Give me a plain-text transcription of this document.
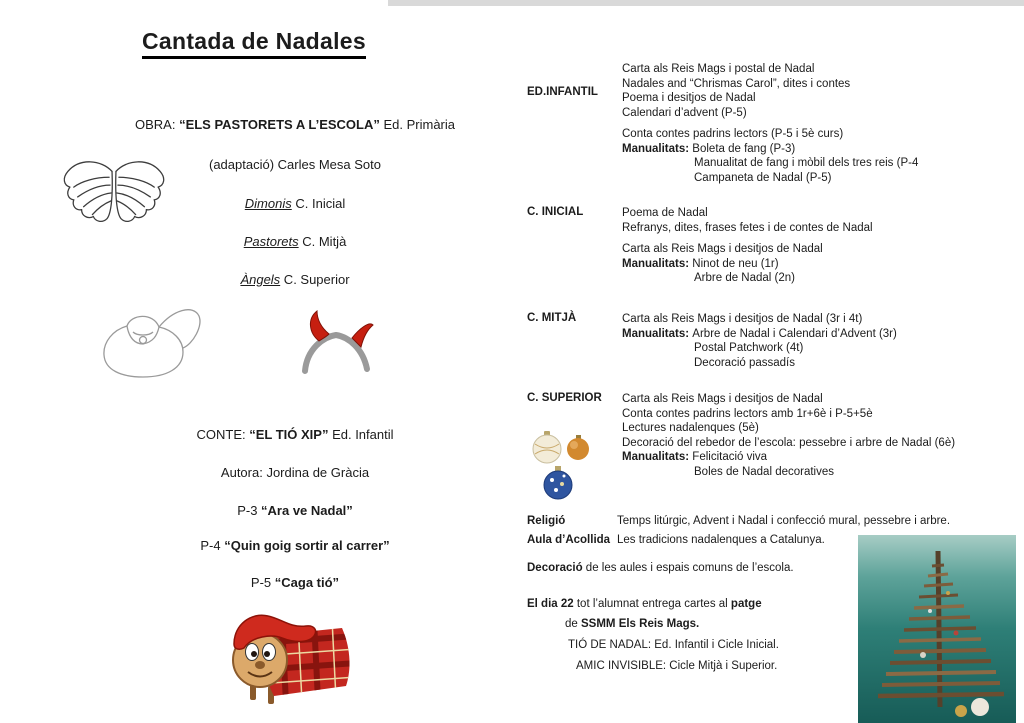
Cantada de Nadales
OBRA: “ELS PASTORETS A L’ESCOLA” Ed. Primària
(adaptació) Carles Mesa Soto
Dimonis C. Inicial
Pastorets C. Mitjà
Àngels C. Superior
CONTE: “EL TIÓ XIP” Ed. Infantil
Autora: Jordina de Gràcia
P-3 “Ara ve Nadal”
P-4 “Quin goig sortir al carrer”
P-5 “Caga tió”
ED.INFANTIL
Carta als Reis Mags i postal de Nadal
Nadales and “Chrismas Carol”, dites i contes
Poema i desitjos de Nadal
Calendari d’advent (P-5)
Conta contes padrins lectors (P-5 i 5è curs)
Manualitats: Boleta de fang (P-3)
Manualitat de fang i mòbil dels tres reis (P-4
Campaneta de Nadal (P-5)
C. INICIAL	Poema de Nadal
Refranys, dites, frases fetes i de contes de Nadal
Carta als Reis Mags i desitjos de Nadal
Manualitats: Ninot de neu (1r)
Arbre de Nadal (2n)
C. MITJÀ	Carta als Reis Mags i desitjos de Nadal (3r i 4t)
Manualitats: Arbre de Nadal i Calendari d’Advent (3r)
Postal Patchwork (4t)
Decoració passadís
C. SUPERIOR Carta als Reis Mags i desitjos de Nadal
Conta contes padrins lectors amb 1r+6è i P-5+5è
Lectures nadalenques (5è)
Decoració del rebedor de l’escola: pessebre i arbre de Nadal (6è)
Manualitats: Felicitació viva
Boles de Nadal decoratives
Religió	Temps litúrgic, Advent i Nadal i confecció mural, pessebre i arbre.
Aula d’Acollida Les tradicions nadalenques a Catalunya.
Decoració de les aules i espais comuns de l’escola.
El dia 22 tot l’alumnat entrega cartes al patge
de SSMM Els Reis Mags.
TIÓ DE NADAL: Ed. Infantil i Cicle Inicial.
AMIC INVISIBLE: Cicle Mitjà i Superior.
